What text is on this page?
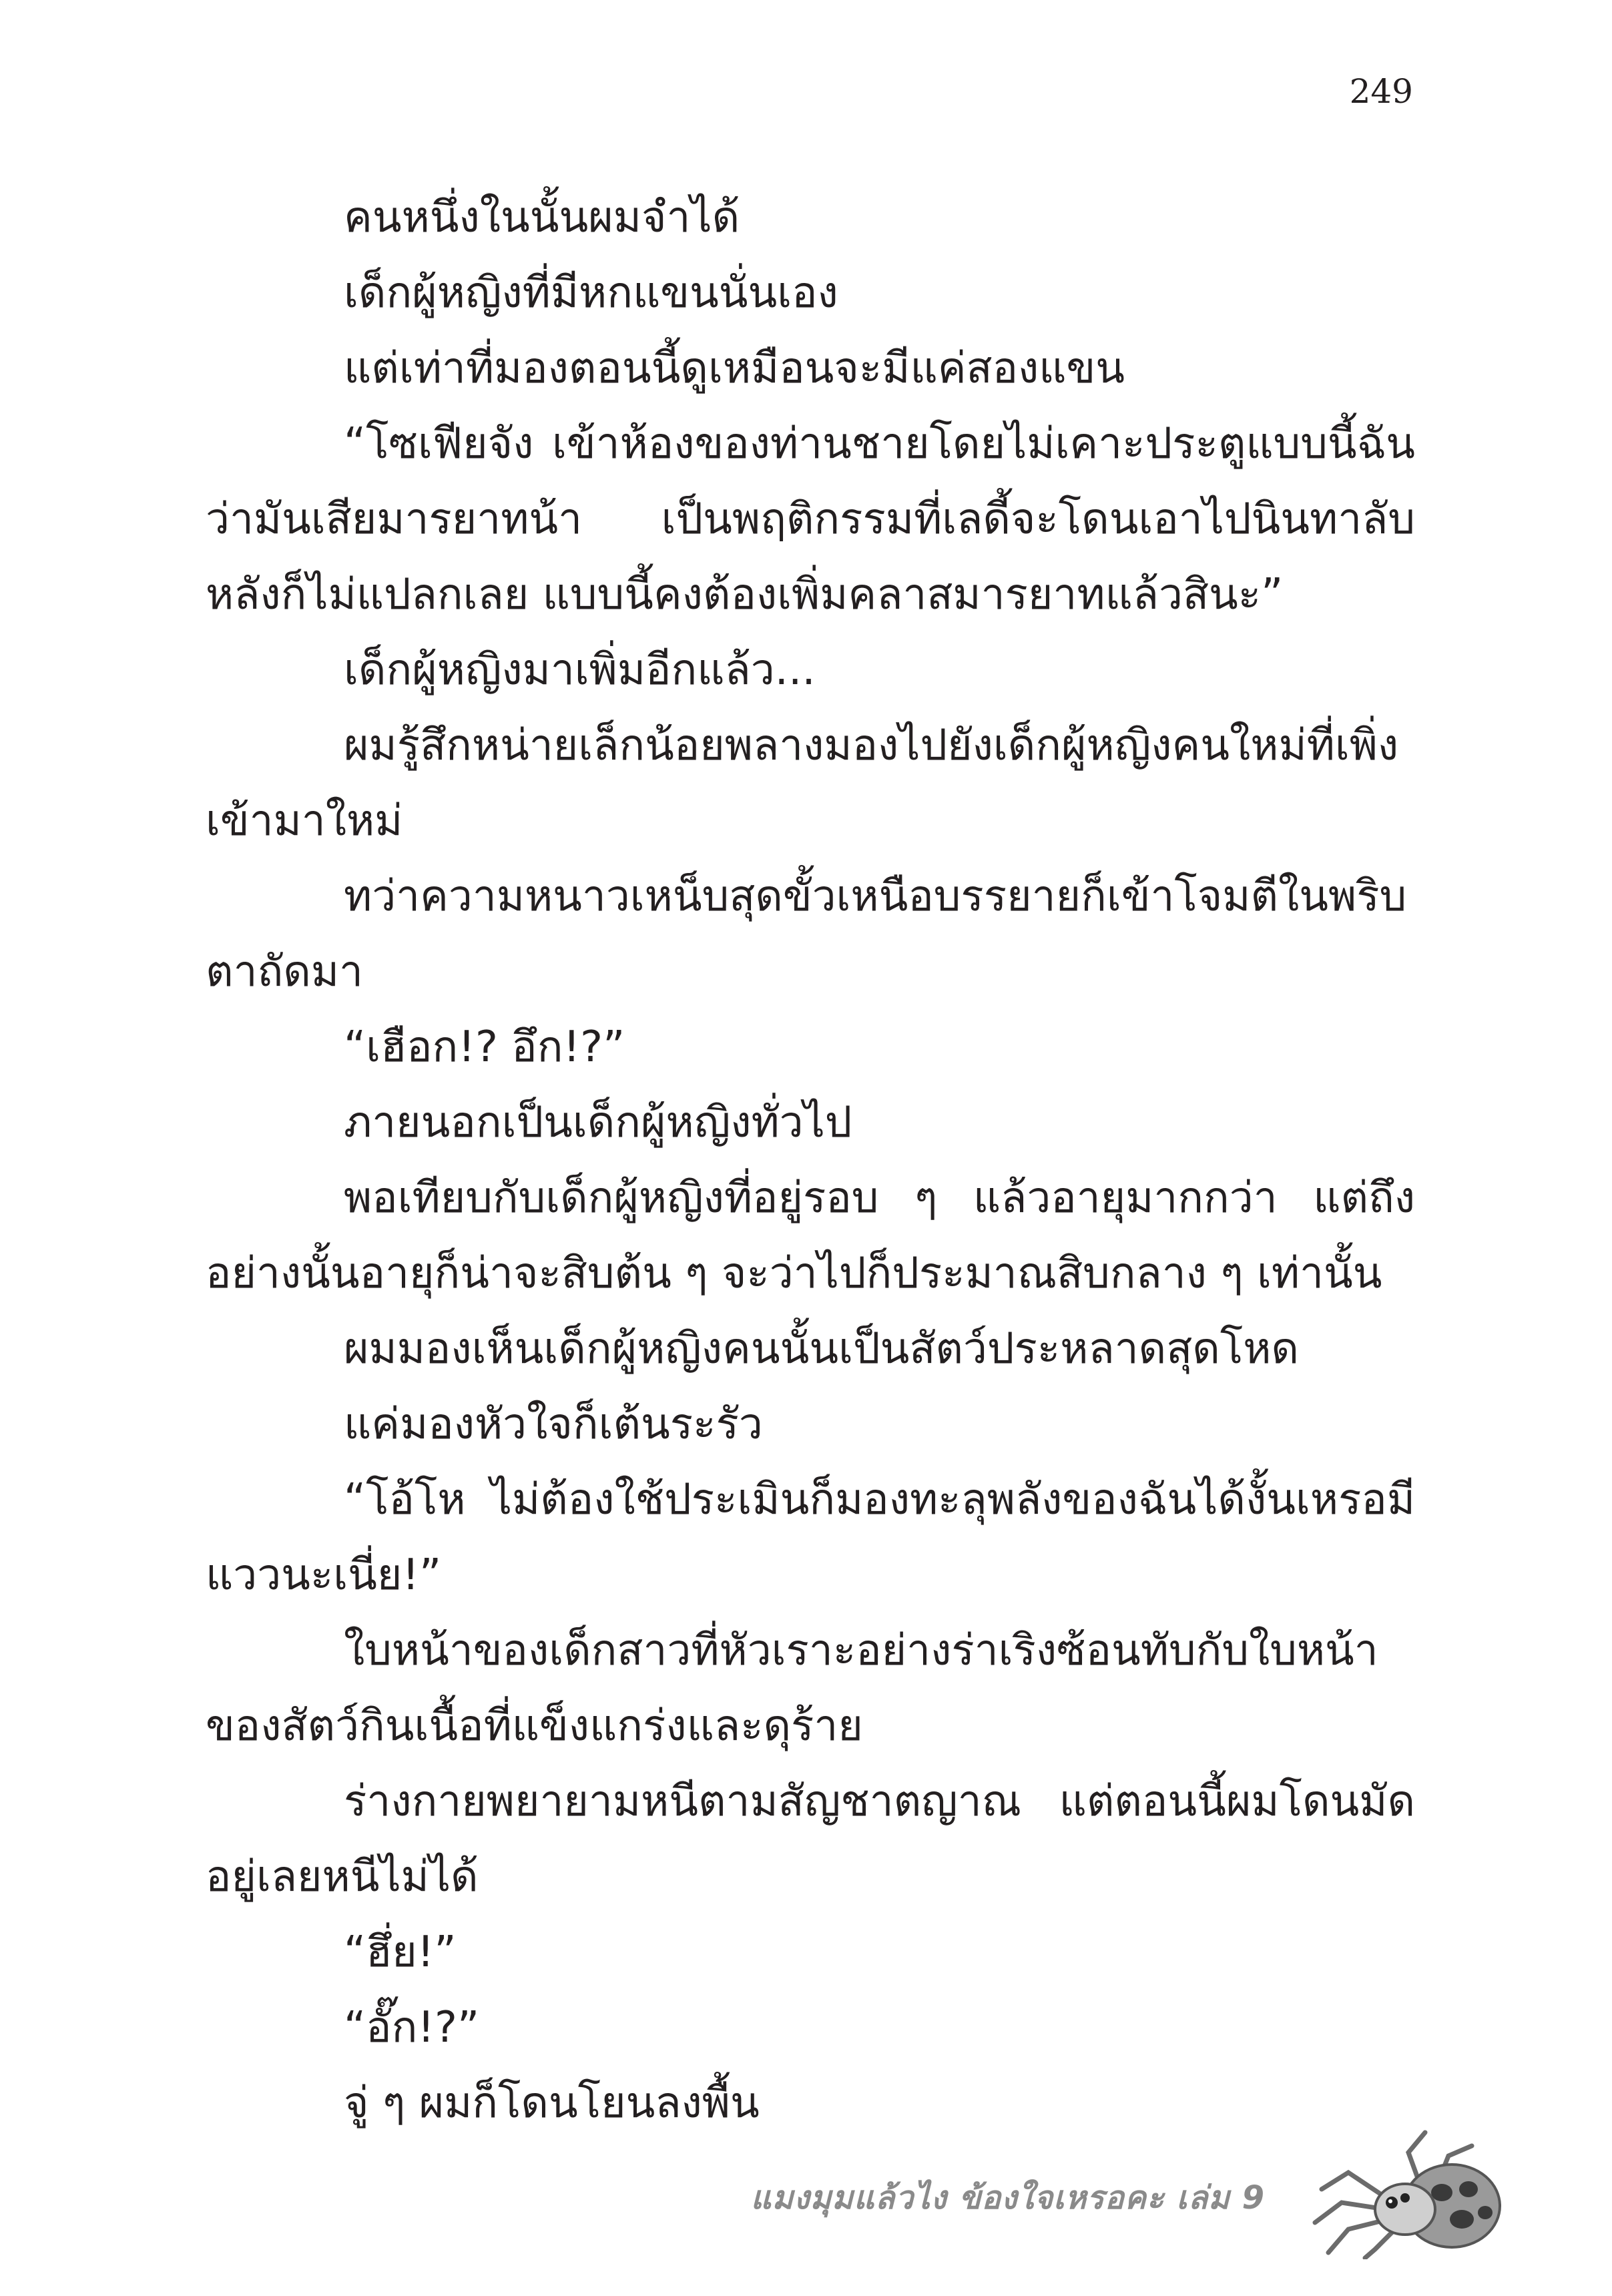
249

คนหนึ่งในนั้นผมจำได้

เด็กผู้หญิงที่มีหกแขนนั่นเอง

แต่เท่าที่มองตอนนี้ดูเหมือนจะมีแค่สองแขน

“โซเฟียจัง เข้าห้องของท่านชายโดยไม่เคาะประตูแบบนี้ฉันว่ามันเสียมารยาทน้า เป็นพฤติกรรมที่เลดี้จะโดนเอาไปนินทาลับหลังก็ไม่แปลกเลย แบบนี้คงต้องเพิ่มคลาสมารยาทแล้วสินะ”

เด็กผู้หญิงมาเพิ่มอีกแล้ว...

ผมรู้สึกหน่ายเล็กน้อยพลางมองไปยังเด็กผู้หญิงคนใหม่ที่เพิ่งเข้ามาใหม่

ทว่าความหนาวเหน็บสุดขั้วเหนือบรรยายก็เข้าโจมตีในพริบตาถัดมา

“เฮือก!? อึก!?”

ภายนอกเป็นเด็กผู้หญิงทั่วไป

พอเทียบกับเด็กผู้หญิงที่อยู่รอบ ๆ แล้วอายุมากกว่า แต่ถึงอย่างนั้นอายุก็น่าจะสิบต้น ๆ จะว่าไปก็ประมาณสิบกลาง ๆ เท่านั้น

ผมมองเห็นเด็กผู้หญิงคนนั้นเป็นสัตว์ประหลาดสุดโหด

แค่มองหัวใจก็เต้นระรัว

“โอ้โห ไม่ต้องใช้ประเมินก็มองทะลุพลังของฉันได้งั้นเหรอมีแววนะเนี่ย!”

ใบหน้าของเด็กสาวที่หัวเราะอย่างร่าเริงซ้อนทับกับใบหน้าของสัตว์กินเนื้อที่แข็งแกร่งและดุร้าย

ร่างกายพยายามหนีตามสัญชาตญาณ แต่ตอนนี้ผมโดนมัดอยู่เลยหนีไม่ได้

“ฮึ่ย!”

“อั๊ก!?”

จู่ ๆ ผมก็โดนโยนลงพื้น

แมงมุมแล้วไง ข้องใจเหรอคะ เล่ม 9
